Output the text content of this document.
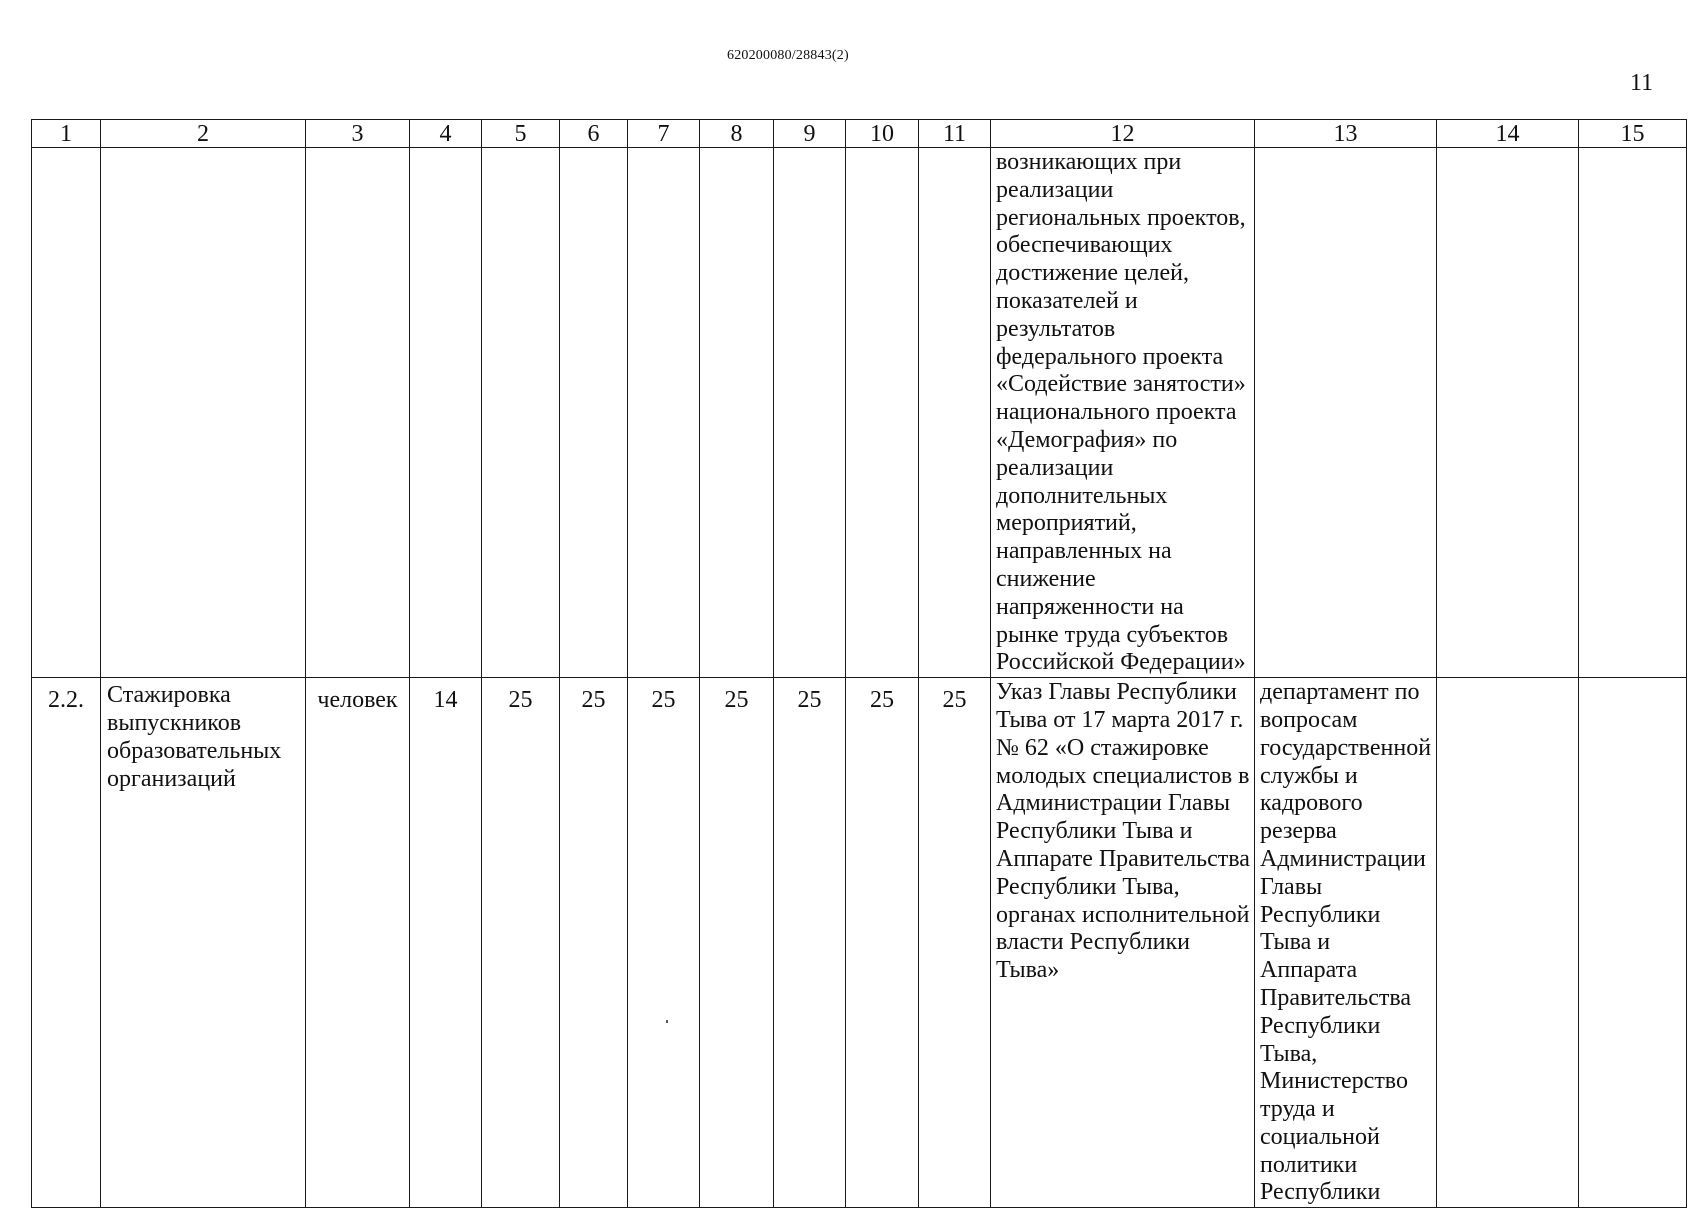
620200080/28843(2)
11
1	2	3	4	5	6	7	8	9	10	11	12	13	14	15
											возникающих при реализации региональных проектов, обеспечивающих достижение целей, показателей и результатов федерального проекта «Содействие занятости» национального проекта «Демография» по реализации дополнительных мероприятий, направленных на снижение напряженности на рынке труда субъектов Российской Федерации»			
2.2.	Стажировка выпускников образовательных организаций	человек	14	25	25	25	25	25	25	25	Указ Главы Республики Тыва от 17 марта 2017 г. № 62 «О стажировке молодых специалистов в Администрации Главы Республики Тыва и Аппарате Правительства Республики Тыва, органах исполнительной власти Республики Тыва»	департамент по вопросам государственной службы и кадрового резерва Администрации Главы Республики Тыва и Аппарата Правительства Республики Тыва, Министерство труда и социальной политики Республики		
